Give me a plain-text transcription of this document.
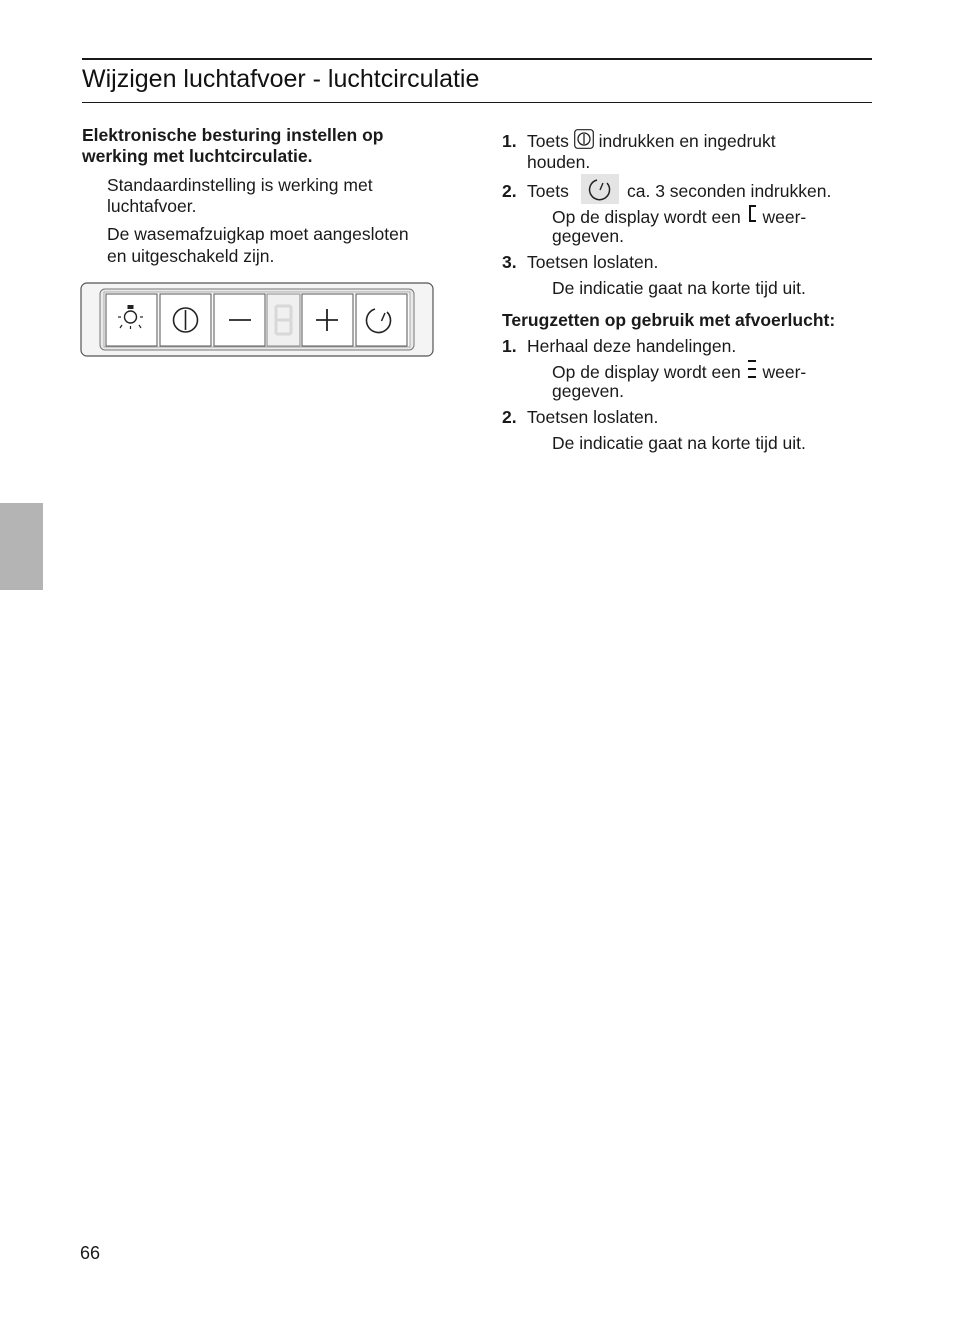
Wijzigen luchtafvoer - luchtcirculatie
Elektronische besturing instellen op
werking met luchtcirculatie.
Standaardinstelling is werking met
luchtafvoer.
De wasemafzuigkap moet aangesloten
en uitgeschakeld zijn.
1. Toets indrukken en ingedrukt
houden.
2. Toets	ca. 3 seconden indrukken.
Op de display wordt een weer-
gegeven.
3. Toetsen loslaten.
De indicatie gaat na korte tijd uit.
Terugzetten op gebruik met afvoerlucht:
1. Herhaal deze handelingen.
Op de display wordt een weer-
gegeven.
2. Toetsen loslaten.
De indicatie gaat na korte tijd uit.
66
